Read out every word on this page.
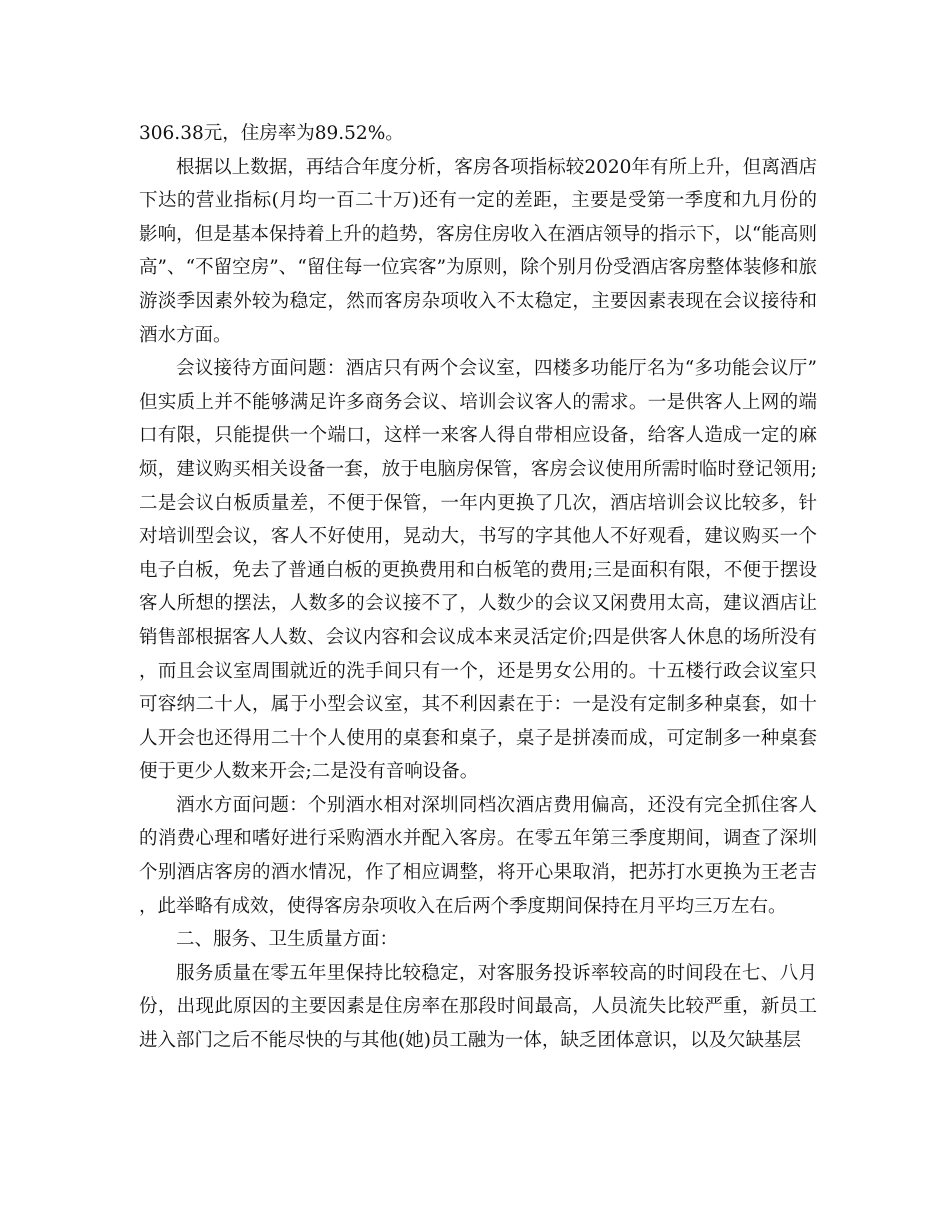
306.38元，住房率为89.52%。

根据以上数据，再结合年度分析，客房各项指标较2020年有所上升，但离酒店下达的营业指标(月均一百二十万)还有一定的差距，主要是受第一季度和九月份的影响，但是基本保持着上升的趋势，客房住房收入在酒店领导的指示下，以“能高则高”、“不留空房”、“留住每一位宾客”为原则，除个别月份受酒店客房整体装修和旅游淡季因素外较为稳定，然而客房杂项收入不太稳定，主要因素表现在会议接待和酒水方面。

会议接待方面问题：酒店只有两个会议室，四楼多功能厅名为“多功能会议厅”但实质上并不能够满足许多商务会议、培训会议客人的需求。一是供客人上网的端口有限，只能提供一个端口，这样一来客人得自带相应设备，给客人造成一定的麻烦，建议购买相关设备一套，放于电脑房保管，客房会议使用所需时临时登记领用;二是会议白板质量差，不便于保管，一年内更换了几次，酒店培训会议比较多，针对培训型会议，客人不好使用，晃动大，书写的字其他人不好观看，建议购买一个电子白板，免去了普通白板的更换费用和白板笔的费用;三是面积有限，不便于摆设客人所想的摆法，人数多的会议接不了，人数少的会议又闲费用太高，建议酒店让销售部根据客人人数、会议内容和会议成本来灵活定价;四是供客人休息的场所没有，而且会议室周围就近的洗手间只有一个，还是男女公用的。十五楼行政会议室只可容纳二十人，属于小型会议室，其不利因素在于：一是没有定制多种桌套，如十人开会也还得用二十个人使用的桌套和桌子，桌子是拼凑而成，可定制多一种桌套便于更少人数来开会;二是没有音响设备。

酒水方面问题：个别酒水相对深圳同档次酒店费用偏高，还没有完全抓住客人的消费心理和嗜好进行采购酒水并配入客房。在零五年第三季度期间，调查了深圳个别酒店客房的酒水情况，作了相应调整，将开心果取消，把苏打水更换为王老吉，此举略有成效，使得客房杂项收入在后两个季度期间保持在月平均三万左右。

二、服务、卫生质量方面：

服务质量在零五年里保持比较稳定，对客服务投诉率较高的时间段在七、八月份，出现此原因的主要因素是住房率在那段时间最高，人员流失比较严重，新员工进入部门之后不能尽快的与其他(她)员工融为一体，缺乏团体意识，以及欠缺基层
